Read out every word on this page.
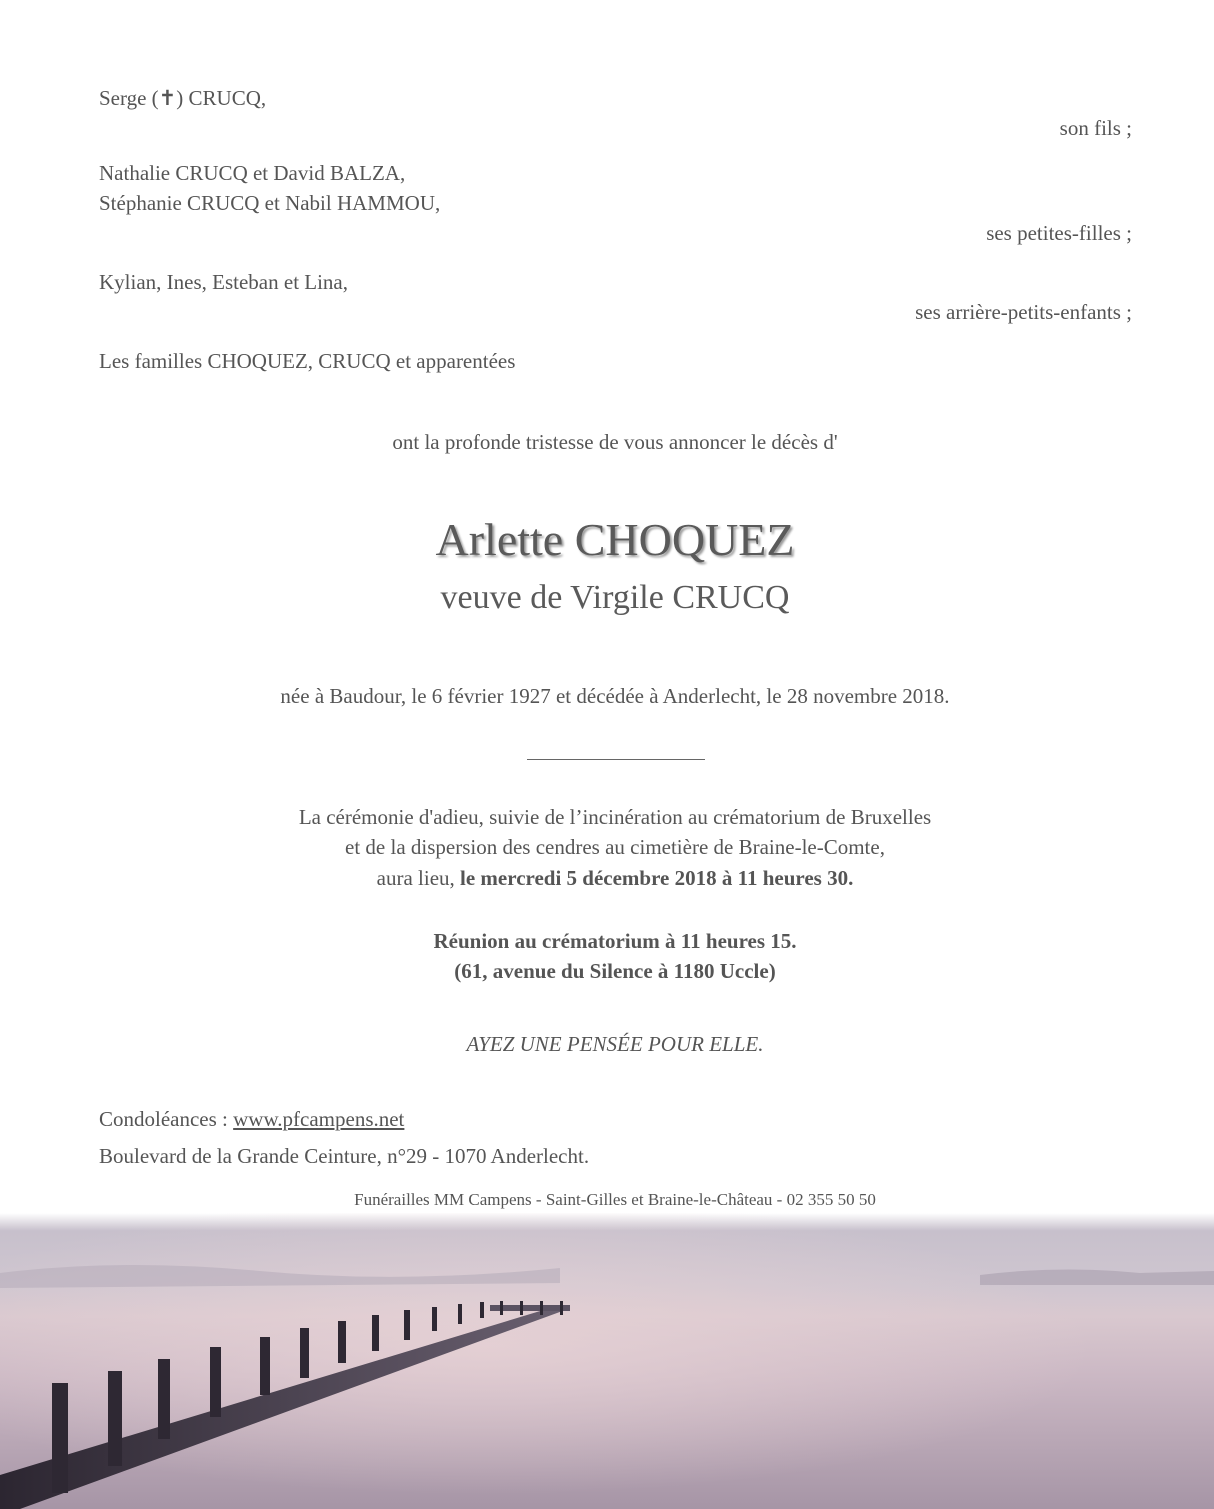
Serge (✝) CRUCQ,
son fils ;
Nathalie CRUCQ et David BALZA,
Stéphanie CRUCQ et Nabil HAMMOU,
ses petites-filles ;
Kylian, Ines, Esteban et Lina,
ses arrière-petits-enfants ;
Les familles CHOQUEZ, CRUCQ et apparentées
ont la profonde tristesse de vous annoncer le décès d'
Arlette CHOQUEZ
veuve de Virgile CRUCQ
née à Baudour, le 6 février 1927 et décédée à Anderlecht, le 28 novembre 2018.
La cérémonie d'adieu, suivie de l’incinération au crématorium de Bruxelles
et de la dispersion des cendres au cimetière de Braine-le-Comte,
aura lieu, le mercredi 5 décembre 2018 à 11 heures 30.
Réunion au crématorium à 11 heures 15.
(61, avenue du Silence à 1180 Uccle)
AYEZ UNE PENSÉE POUR ELLE.
Condoléances : www.pfcampens.net
Boulevard de la Grande Ceinture, n°29 - 1070 Anderlecht.
Funérailles MM Campens - Saint-Gilles et Braine-le-Château - 02 355 50 50
